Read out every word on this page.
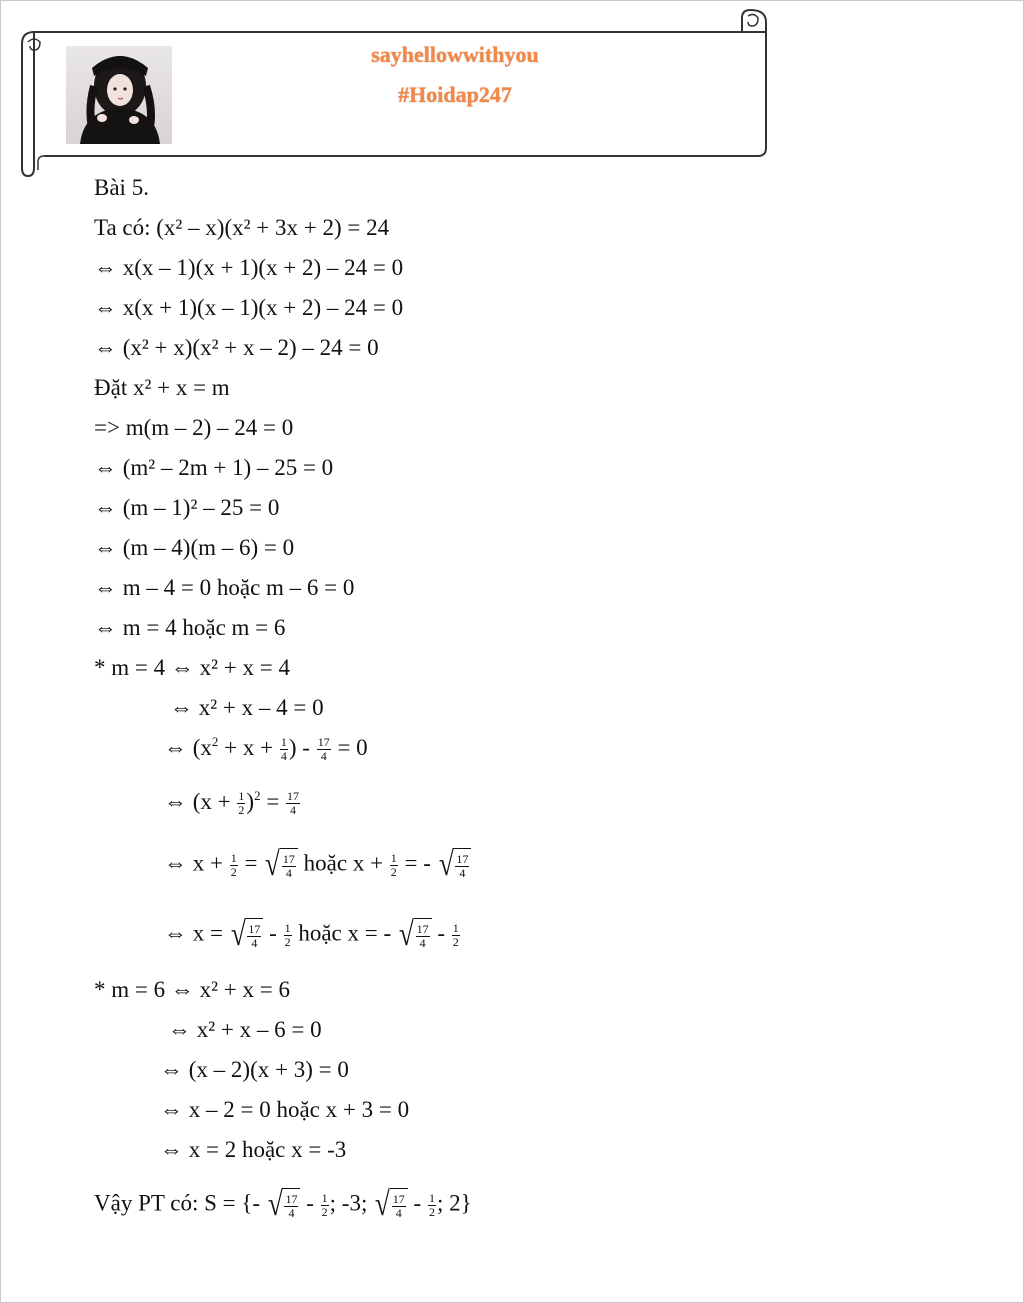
sayhellowwithyou
#Hoidap247
Bài 5.
Ta có: (x² – x)(x² + 3x + 2) = 24
⇔ x(x – 1)(x + 1)(x + 2) – 24 = 0
⇔ x(x + 1)(x – 1)(x + 2) – 24 = 0
⇔ (x² + x)(x² + x – 2) – 24 = 0
Đặt x² + x = m
=> m(m – 2) – 24 = 0
⇔ (m² – 2m + 1) – 25 = 0
⇔ (m – 1)² – 25 = 0
⇔ (m – 4)(m – 6) = 0
⇔ m – 4 = 0 hoặc m – 6 = 0
⇔ m = 4 hoặc m = 6
* m = 4 ⇔ x² + x = 4
⇔ x² + x – 4 = 0
⇔ ($x^2 + x + \frac{1}{4}$ ) - $\frac{17}{4} = 0$
⇔ $(x + \frac{1}{2} )^2 = \frac{17}{4}$
⇔ $x + \frac{1}{2}$ = √ $\frac{17}{4}$ hoặc $x + \frac{1}{2}$ = - √ $\frac{17}{4}$
⇔ x = √ $\frac{17}{4} - \frac{1}{2}$ hoặc x = - √ $\frac{17}{4} - \frac{1}{2}$
* m = 6 ⇔ x² + x = 6
⇔ x² + x – 6 = 0
⇔ (x – 2)(x + 3) = 0
⇔ x – 2 = 0 hoặc x + 3 = 0
⇔ x = 2 hoặc x = -3
Vậy PT có: S = {- √ $\frac{17}{4} - \frac{1}{2}$ ; -3; √ $\frac{17}{4} - \frac{1}{2}$ ; 2}
